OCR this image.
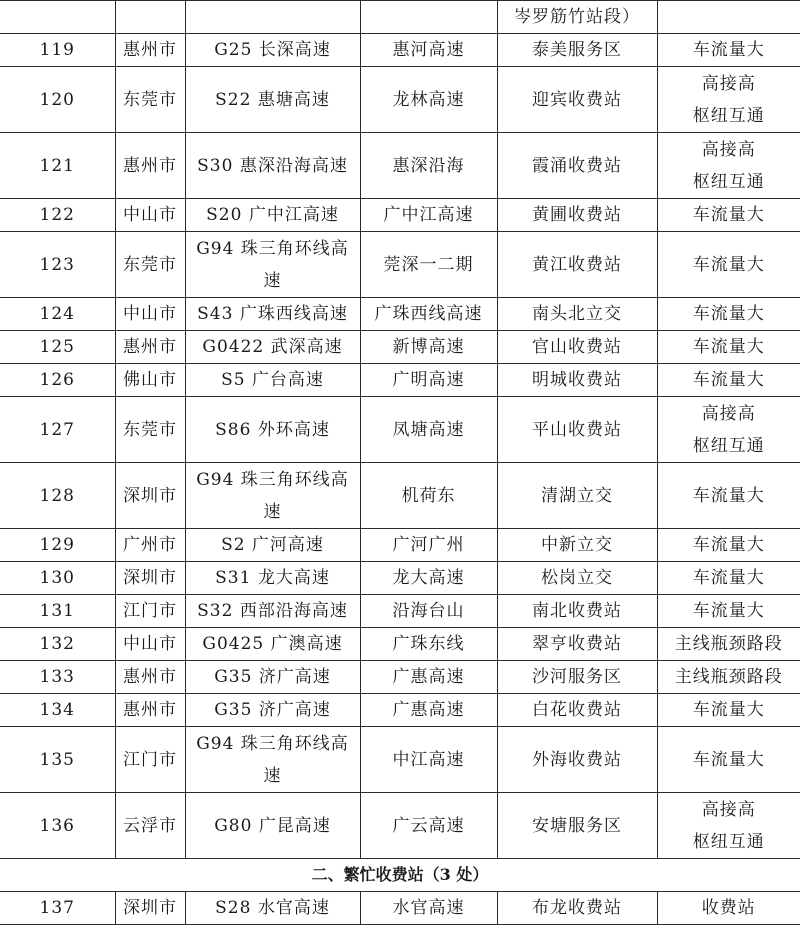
				岑罗筋竹站段）	
119	惠州市	G25 长深高速	惠河高速	泰美服务区	车流量大
120	东莞市	S22 惠塘高速	龙林高速	迎宾收费站	高接高
枢纽互通
121	惠州市	S30 惠深沿海高速	惠深沿海	霞涌收费站	高接高
枢纽互通
122	中山市	S20 广中江高速	广中江高速	黄圃收费站	车流量大
123	东莞市	G94 珠三角环线高
速	莞深一二期	黄江收费站	车流量大
124	中山市	S43 广珠西线高速	广珠西线高速	南头北立交	车流量大
125	惠州市	G0422 武深高速	新博高速	官山收费站	车流量大
126	佛山市	S5 广台高速	广明高速	明城收费站	车流量大
127	东莞市	S86 外环高速	凤塘高速	平山收费站	高接高
枢纽互通
128	深圳市	G94 珠三角环线高
速	机荷东	清湖立交	车流量大
129	广州市	S2 广河高速	广河广州	中新立交	车流量大
130	深圳市	S31 龙大高速	龙大高速	松岗立交	车流量大
131	江门市	S32 西部沿海高速	沿海台山	南北收费站	车流量大
132	中山市	G0425 广澳高速	广珠东线	翠亨收费站	主线瓶颈路段
133	惠州市	G35 济广高速	广惠高速	沙河服务区	主线瓶颈路段
134	惠州市	G35 济广高速	广惠高速	白花收费站	车流量大
135	江门市	G94 珠三角环线高
速	中江高速	外海收费站	车流量大
136	云浮市	G80 广昆高速	广云高速	安塘服务区	高接高
枢纽互通
二、繁忙收费站（3 处）					
137	深圳市	S28 水官高速	水官高速	布龙收费站	收费站
